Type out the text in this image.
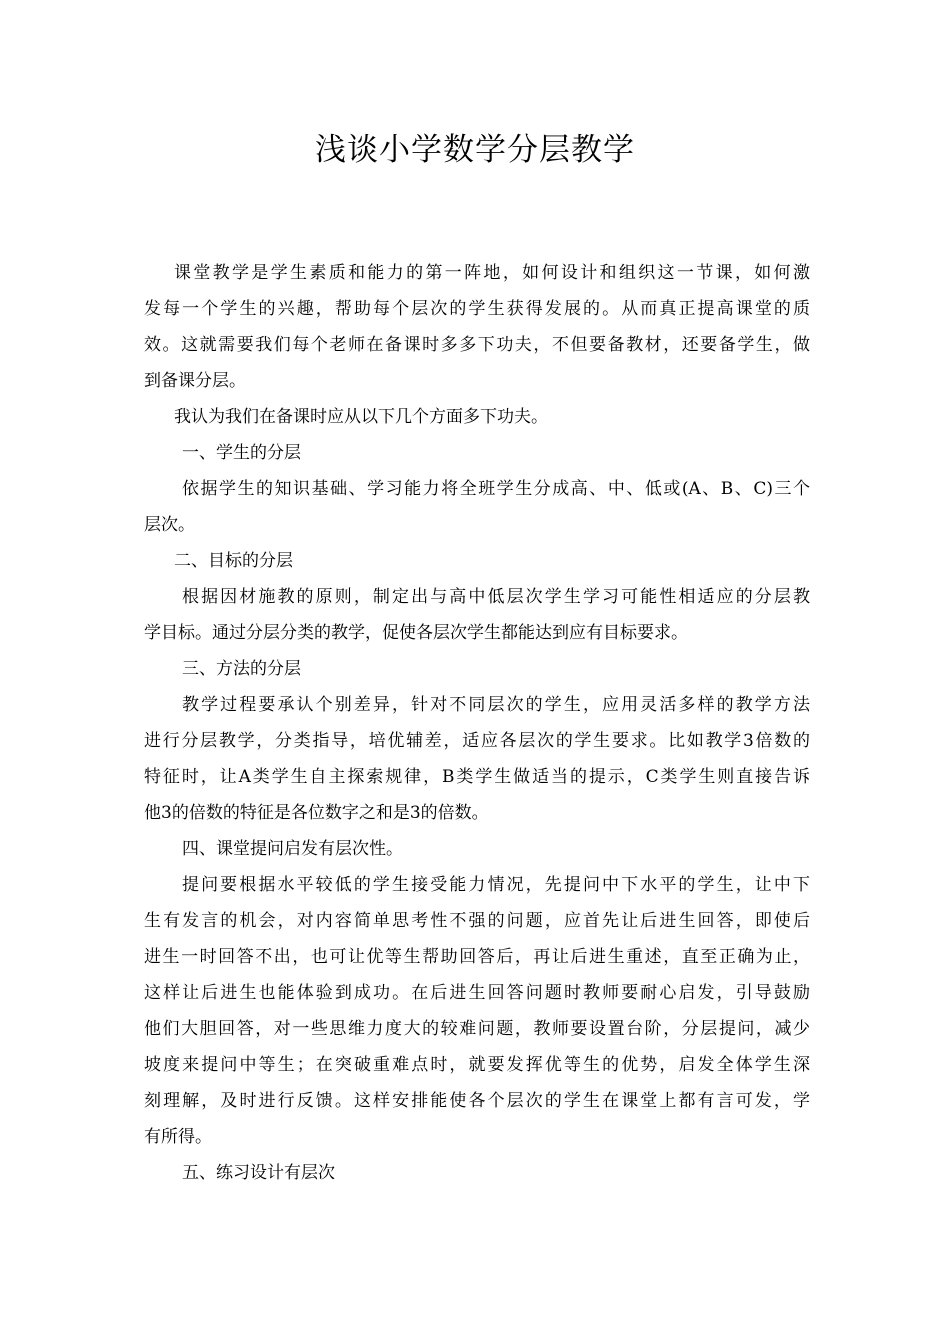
浅谈小学数学分层教学
课堂教学是学生素质和能力的第一阵地，如何设计和组织这一节课，如何激
发每一个学生的兴趣，帮助每个层次的学生获得发展的。从而真正提高课堂的质
效。这就需要我们每个老师在备课时多多下功夫，不但要备教材，还要备学生，做
到备课分层。
我认为我们在备课时应从以下几个方面多下功夫。
一、学生的分层
依据学生的知识基础、学习能力将全班学生分成高、中、低或(A、B、C)三个
层次。
二、目标的分层
根据因材施教的原则，制定出与高中低层次学生学习可能性相适应的分层教
学目标。通过分层分类的教学，促使各层次学生都能达到应有目标要求。
三、方法的分层
教学过程要承认个别差异，针对不同层次的学生，应用灵活多样的教学方法
进行分层教学，分类指导，培优辅差，适应各层次的学生要求。比如教学3倍数的
特征时，让A类学生自主探索规律，B类学生做适当的提示，C类学生则直接告诉
他3的倍数的特征是各位数字之和是3的倍数。
四、课堂提问启发有层次性。
提问要根据水平较低的学生接受能力情况，先提问中下水平的学生，让中下
生有发言的机会，对内容简单思考性不强的问题，应首先让后进生回答，即使后
进生一时回答不出，也可让优等生帮助回答后，再让后进生重述，直至正确为止，
这样让后进生也能体验到成功。在后进生回答问题时教师要耐心启发，引导鼓励
他们大胆回答，对一些思维力度大的较难问题，教师要设置台阶，分层提问，减少
坡度来提问中等生；在突破重难点时，就要发挥优等生的优势，启发全体学生深
刻理解，及时进行反馈。这样安排能使各个层次的学生在课堂上都有言可发，学
有所得。
五、练习设计有层次
